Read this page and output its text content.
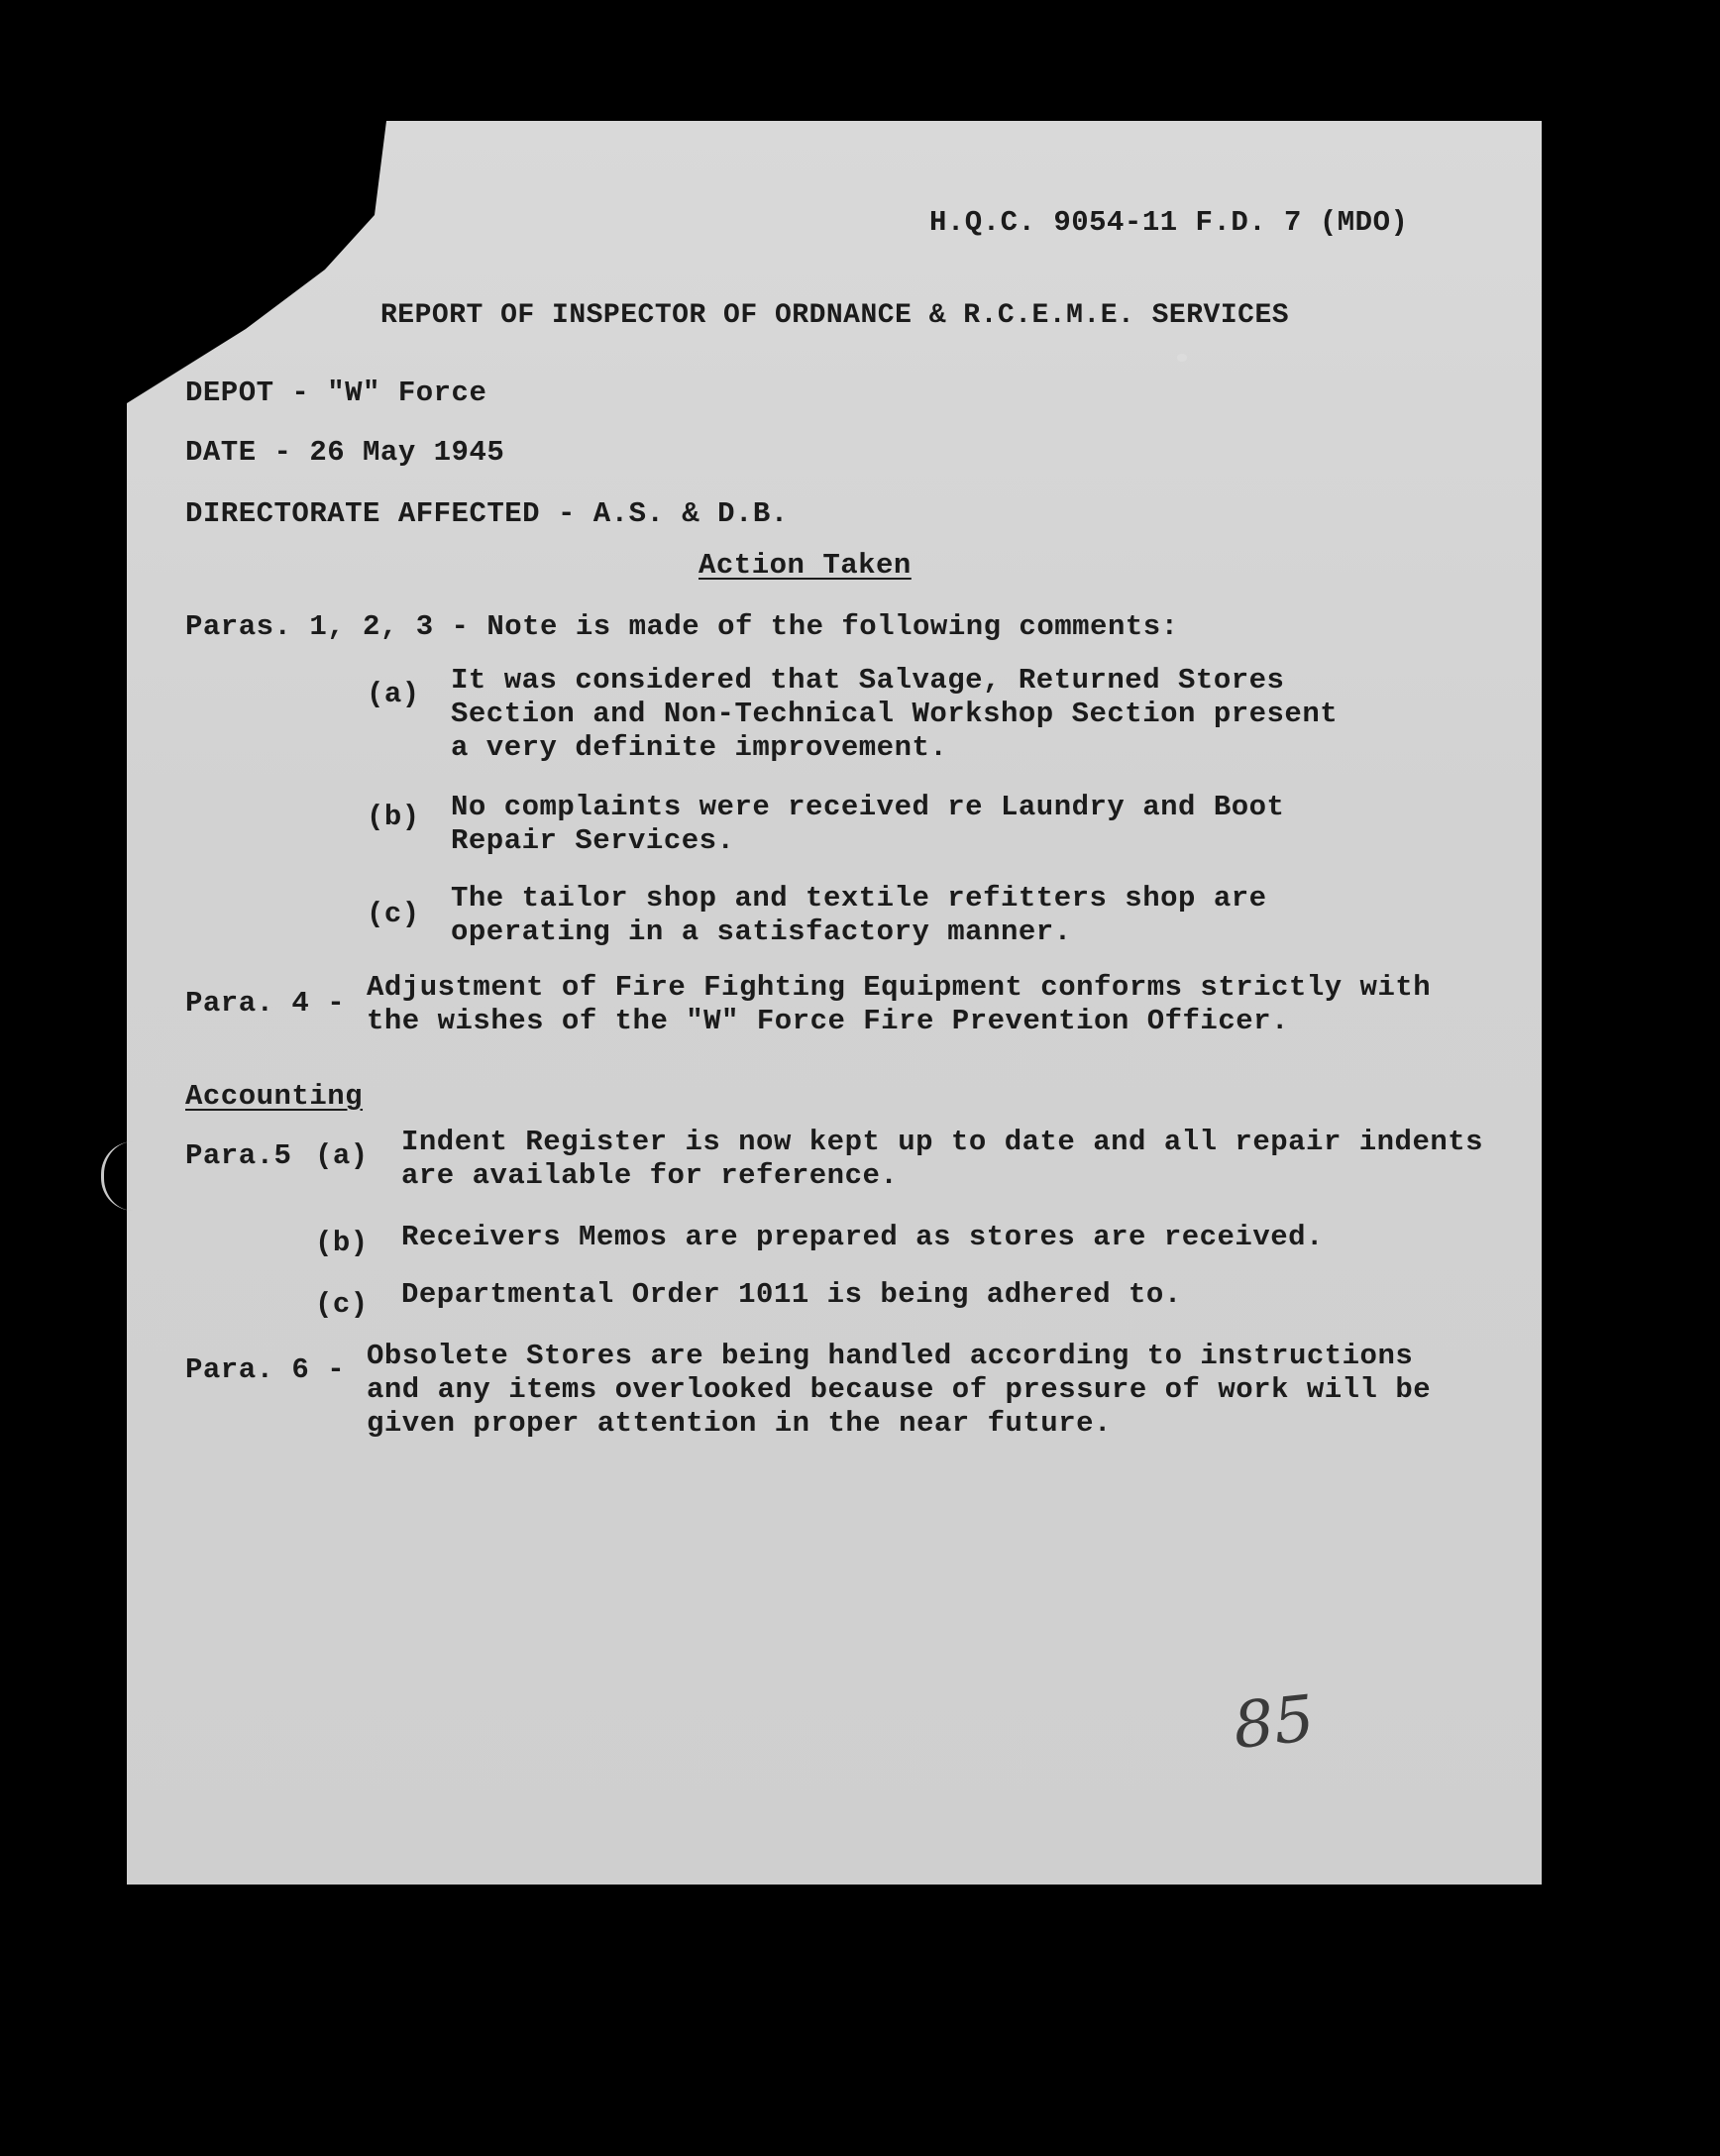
H.Q.C. 9054-11 F.D. 7 (MDO)
REPORT OF INSPECTOR OF ORDNANCE & R.C.E.M.E. SERVICES
DEPOT - "W" Force
DATE - 26 May 1945
DIRECTORATE AFFECTED - A.S. & D.B.
Action Taken
Paras. 1, 2, 3 - Note is made of the following comments:
(a) It was considered that Salvage, Returned Stores
Section and Non-Technical Workshop Section present
a very definite improvement.
(b) No complaints were received re Laundry and Boot
Repair Services.
(c) The tailor shop and textile refitters shop are
operating in a satisfactory manner.
Para. 4 - Adjustment of Fire Fighting Equipment conforms strictly with
the wishes of the "W" Force Fire Prevention Officer.
Accounting
Para.5 (a) Indent Register is now kept up to date and all repair indents
are available for reference.
(b) Receivers Memos are prepared as stores are received.
(c) Departmental Order 1011 is being adhered to.
Para. 6 - Obsolete Stores are being handled according to instructions
and any items overlooked because of pressure of work will be
given proper attention in the near future.
85
